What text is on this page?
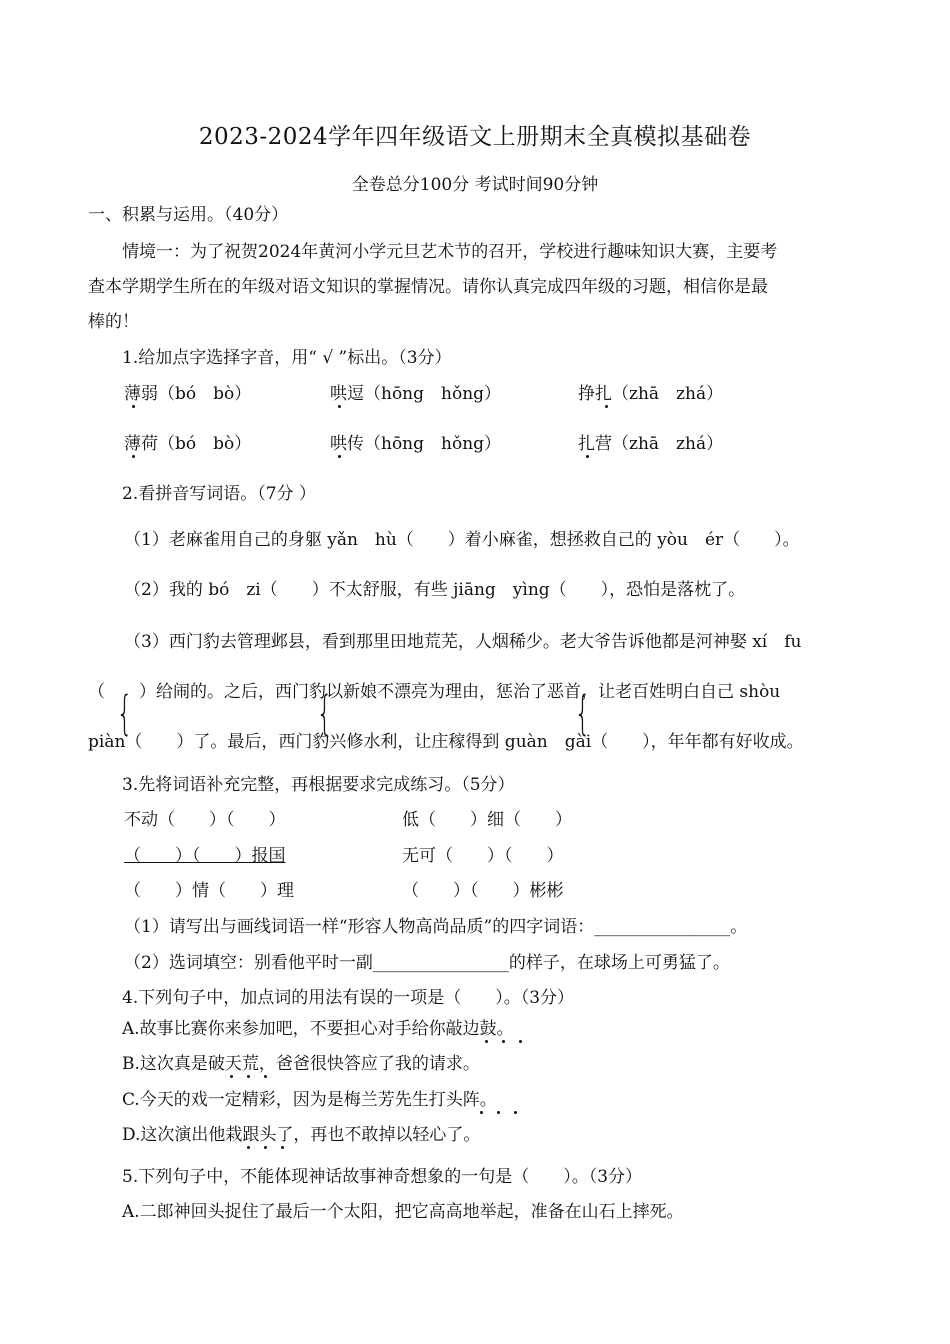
2023-2024学年四年级语文上册期末全真模拟基础卷
全卷总分100分 考试时间90分钟
一、积累与运用。（40分）
情境一：为了祝贺2024年黄河小学元旦艺术节的召开，学校进行趣味知识大赛，主要考
查本学期学生所在的年级对语文知识的掌握情况。请你认真完成四年级的习题，相信你是最
棒的！
1.给加点字选择字音，用“ √ ”标出。（3分）
薄弱（bó　bò）	哄逗（hōng　hǒng）	挣扎（zhā　zhá）
薄荷（bó　bò）	哄传（hōng　hǒng）	扎营（zhā　zhá）
2.看拼音写词语。（7分 ）
（1）老麻雀用自己的身躯 yǎn　hù（　　）着小麻雀，想拯救自己的 yòu　ér（　　）。
（2）我的 bó　zi（　　）不太舒服，有些 jiāng　yìng（　　），恐怕是落枕了。
（3）西门豹去管理邺县，看到那里田地荒芜，人烟稀少。老大爷告诉他都是河神娶 xí　fu
（　　）给闹的。之后，西门豹以新娘不漂亮为理由，惩治了恶首，让老百姓明白自己 shòu
piàn（　　）了。最后，西门豹兴修水利，让庄稼得到 guàn　gài（　　），年年都有好收成。
{	{	{
3.先将词语补充完整，再根据要求完成练习。（5分）
不动（　　）（　　）	低（　　）细（　　）
（　　）（　　）报国	无可（　　）（　　）
（　　）情（　　）理	（　　）（　　）彬彬
（1）请写出与画线词语一样“形容人物高尚品质”的四字词语：________________。
（2）选词填空：别看他平时一副________________的样子，在球场上可勇猛了。
4.下列句子中，加点词的用法有误的一项是（　　）。（3分）
A.故事比赛你来参加吧，不要担心对手给你敲边鼓。
B.这次真是破天荒，爸爸很快答应了我的请求。
C.今天的戏一定精彩，因为是梅兰芳先生打头阵。
D.这次演出他栽跟头了，再也不敢掉以轻心了。
5.下列句子中，不能体现神话故事神奇想象的一句是（　　）。（3分）
A.二郎神回头捉住了最后一个太阳，把它高高地举起，准备在山石上摔死。
